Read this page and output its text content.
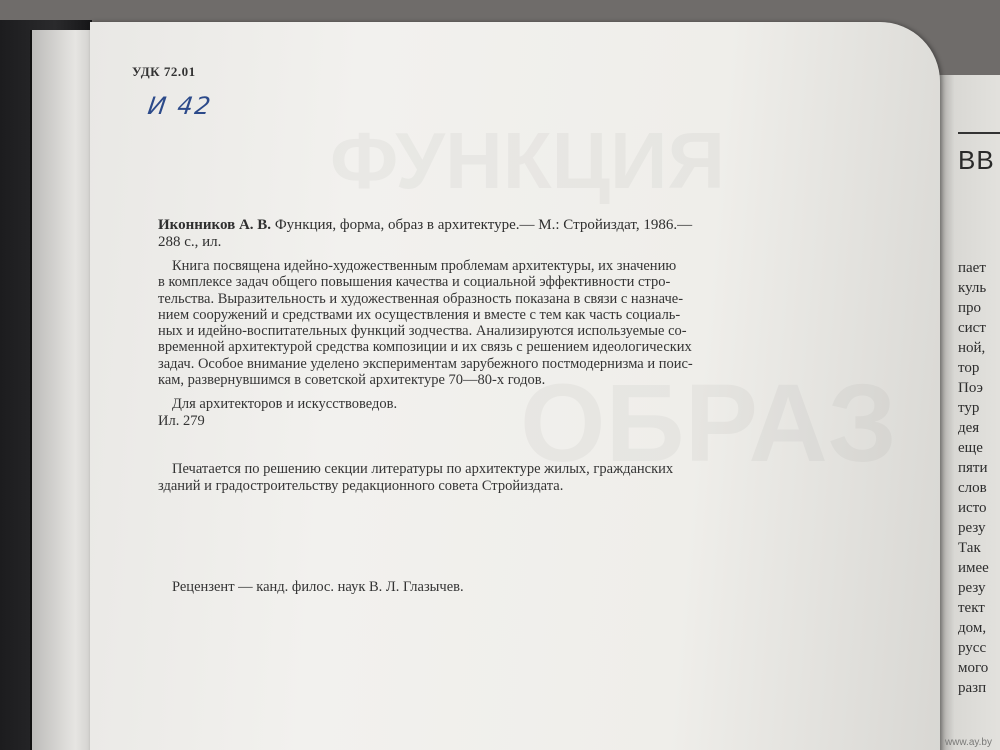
ВВ
пает
куль
про
сист
ной,
тор
Поэ
тур
дея
еще
пяти
слов
исто
резу
Так
имее
резу
тект
дом,
русс
мого
разп
УДК 72.01
И 42
Иконников А. В. Функция, форма, образ в архитектуре.— М.: Стройиздат, 1986.—
288 с., ил.
Книга посвящена идейно-художественным проблемам архитектуры, их значению
в комплексе задач общего повышения качества и социальной эффективности стро-
тельства. Выразительность и художественная образность показана в связи с назначе-
нием сооружений и средствами их осуществления и вместе с тем как часть социаль-
ных и идейно-воспитательных функций зодчества. Анализируются используемые со-
временной архитектурой средства композиции и их связь с решением идеологических
задач. Особое внимание уделено экспериментам зарубежного постмодернизма и поис-
кам, развернувшимся в советской архитектуре 70—80-х годов.
Для архитекторов и искусствоведов.
Ил. 279
Печатается по решению секции литературы по архитектуре жилых, гражданских
зданий и градостроительству редакционного совета Стройиздата.
Рецензент — канд. филос. наук В. Л. Глазычев.
www.ay.by
